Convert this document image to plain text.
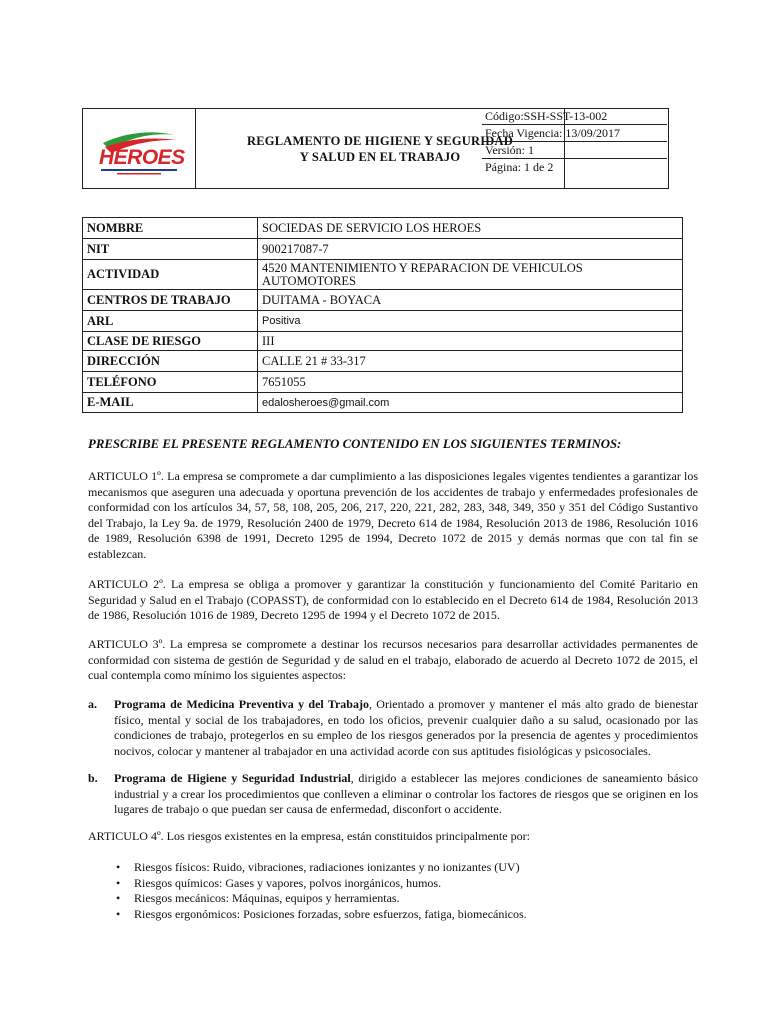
HEROES
REGLAMENTO DE HIGIENE Y SEGURIDAD
Y SALUD EN EL TRABAJO
Código:SSH-SST-13-002
Fecha Vigencia: 13/09/2017
Versión: 1
Página: 1 de 2
NOMBRE	SOCIEDAS DE SERVICIO LOS HEROES
NIT	900217087-7
ACTIVIDAD	4520 MANTENIMIENTO Y REPARACION DE VEHICULOS AUTOMOTORES
CENTROS DE TRABAJO	DUITAMA - BOYACA
ARL	Positiva
CLASE DE RIESGO	III
DIRECCIÓN	CALLE 21 # 33-317
TELÉFONO	7651055
E-MAIL	edalosheroes@gmail.com
PRESCRIBE EL PRESENTE REGLAMENTO CONTENIDO EN LOS SIGUIENTES TERMINOS:
ARTICULO 1º. La empresa se compromete a dar cumplimiento a las disposiciones legales vigentes tendientes a garantizar los mecanismos que aseguren una adecuada y oportuna prevención de los accidentes de trabajo y enfermedades profesionales de conformidad con los artículos 34, 57, 58, 108, 205, 206, 217, 220, 221, 282, 283, 348, 349, 350 y 351 del Código Sustantivo del Trabajo, la Ley 9a. de 1979, Resolución 2400 de 1979, Decreto 614 de 1984, Resolución 2013 de 1986, Resolución 1016 de 1989, Resolución 6398 de 1991, Decreto 1295 de 1994, Decreto 1072 de 2015 y demás normas que con tal fin se establezcan.
ARTICULO 2º. La empresa se obliga a promover y garantizar la constitución y funcionamiento del Comité Paritario en Seguridad y Salud en el Trabajo (COPASST), de conformidad con lo establecido en el Decreto 614 de 1984, Resolución 2013 de 1986, Resolución 1016 de 1989, Decreto 1295 de 1994 y el Decreto 1072 de 2015.
ARTICULO 3º. La empresa se compromete a destinar los recursos necesarios para desarrollar actividades permanentes de conformidad con sistema de gestión de Seguridad y de salud en el trabajo, elaborado de acuerdo al Decreto 1072 de 2015, el cual contempla como mínimo los siguientes aspectos:
a. Programa de Medicina Preventiva y del Trabajo, Orientado a promover y mantener el más alto grado de bienestar físico, mental y social de los trabajadores, en todo los oficios, prevenir cualquier daño a su salud, ocasionado por las condiciones de trabajo, protegerlos en su empleo de los riesgos generados por la presencia de agentes y procedimientos nocivos, colocar y mantener al trabajador en una actividad acorde con sus aptitudes fisiológicas y psicosociales.
b. Programa de Higiene y Seguridad Industrial, dirigido a establecer las mejores condiciones de saneamiento básico industrial y a crear los procedimientos que conlleven a eliminar o controlar los factores de riesgos que se originen en los lugares de trabajo o que puedan ser causa de enfermedad, disconfort o accidente.
ARTICULO 4º. Los riesgos existentes en la empresa, están constituidos principalmente por:
• Riesgos físicos: Ruido, vibraciones, radiaciones ionizantes y no ionizantes (UV)
• Riesgos químicos: Gases y vapores, polvos inorgánicos, humos.
• Riesgos mecánicos: Máquinas, equipos y herramientas.
• Riesgos ergonómicos: Posiciones forzadas, sobre esfuerzos, fatiga, biomecánicos.
